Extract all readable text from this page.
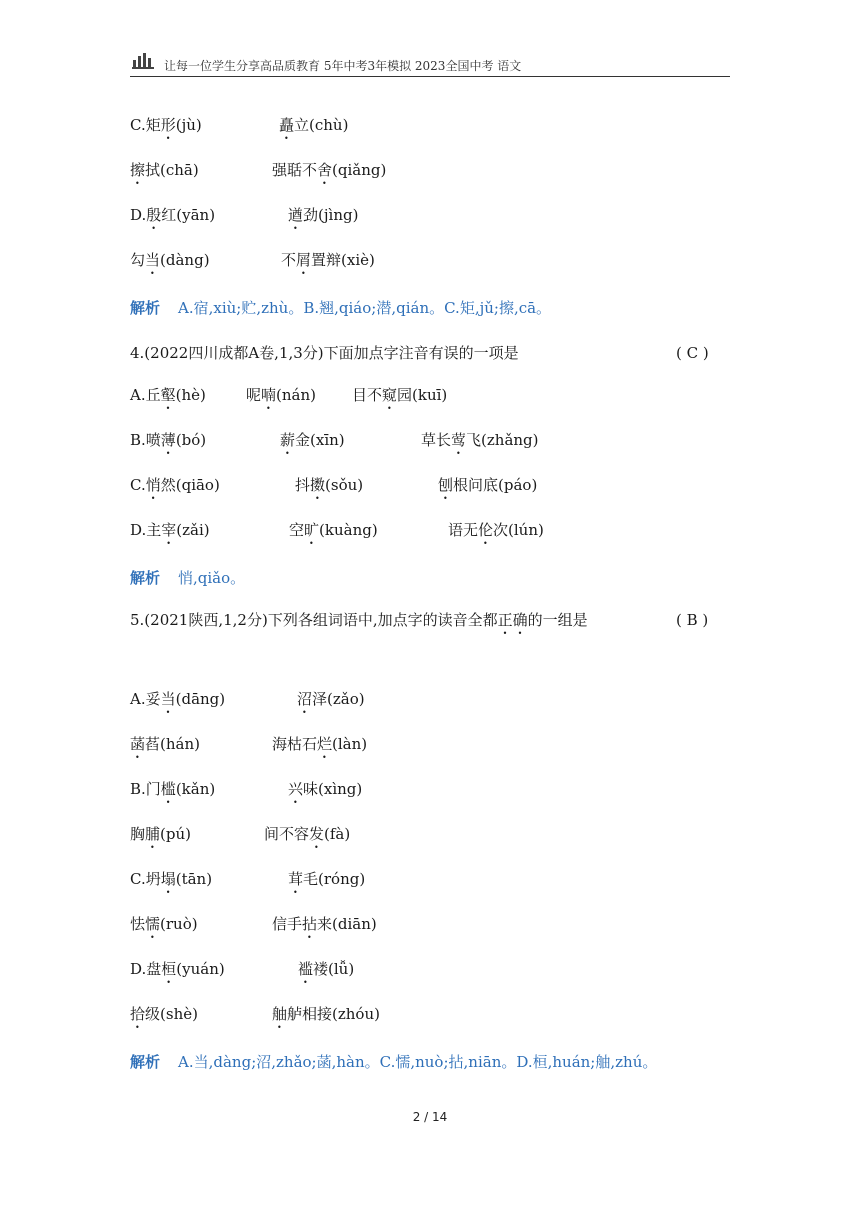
让每一位学生分享高品质教育 5年中考3年模拟 2023全国中考 语文
C.矩形(jù)	矗立(chù)
擦拭(chā)	强聒不舍(qiǎng)
D.殷红(yān)	遒劲(jìng)
勾当(dàng)	不屑置辩(xiè)
解析 A.宿,xiù;贮,zhù。B.翘,qiáo;潜,qián。C.矩,jǔ;擦,cā。
4.(2022四川成都A卷,1,3分)下面加点字注音有误的一项是	( C )
A.丘壑(hè)	呢喃(nán) 目不窥园(kuī)
B.喷薄(bó)	薪金(xīn)	草长莺飞(zhǎng)
C.悄然(qiāo)	抖擞(sǒu)	刨根问底(páo)
D.主宰(zǎi)	空旷(kuàng)	语无伦次(lún)
解析 悄,qiǎo。
5.(2021陕西,1,2分)下列各组词语中,加点字的读音全都正确的一组是	( B )
A.妥当(dāng)	沼泽(zǎo)
菡萏(hán)	海枯石烂(làn)
B.门槛(kǎn)	兴味(xìng)
胸脯(pú)	间不容发(fà)
C.坍塌(tān)	茸毛(róng)
怯懦(ruò)	信手拈来(diān)
D.盘桓(yuán)	褴褛(lǚ)
拾级(shè)	舳舻相接(zhóu)
解析 A.当,dàng;沼,zhǎo;菡,hàn。C.懦,nuò;拈,niān。D.桓,huán;舳,zhú。
2 / 14
